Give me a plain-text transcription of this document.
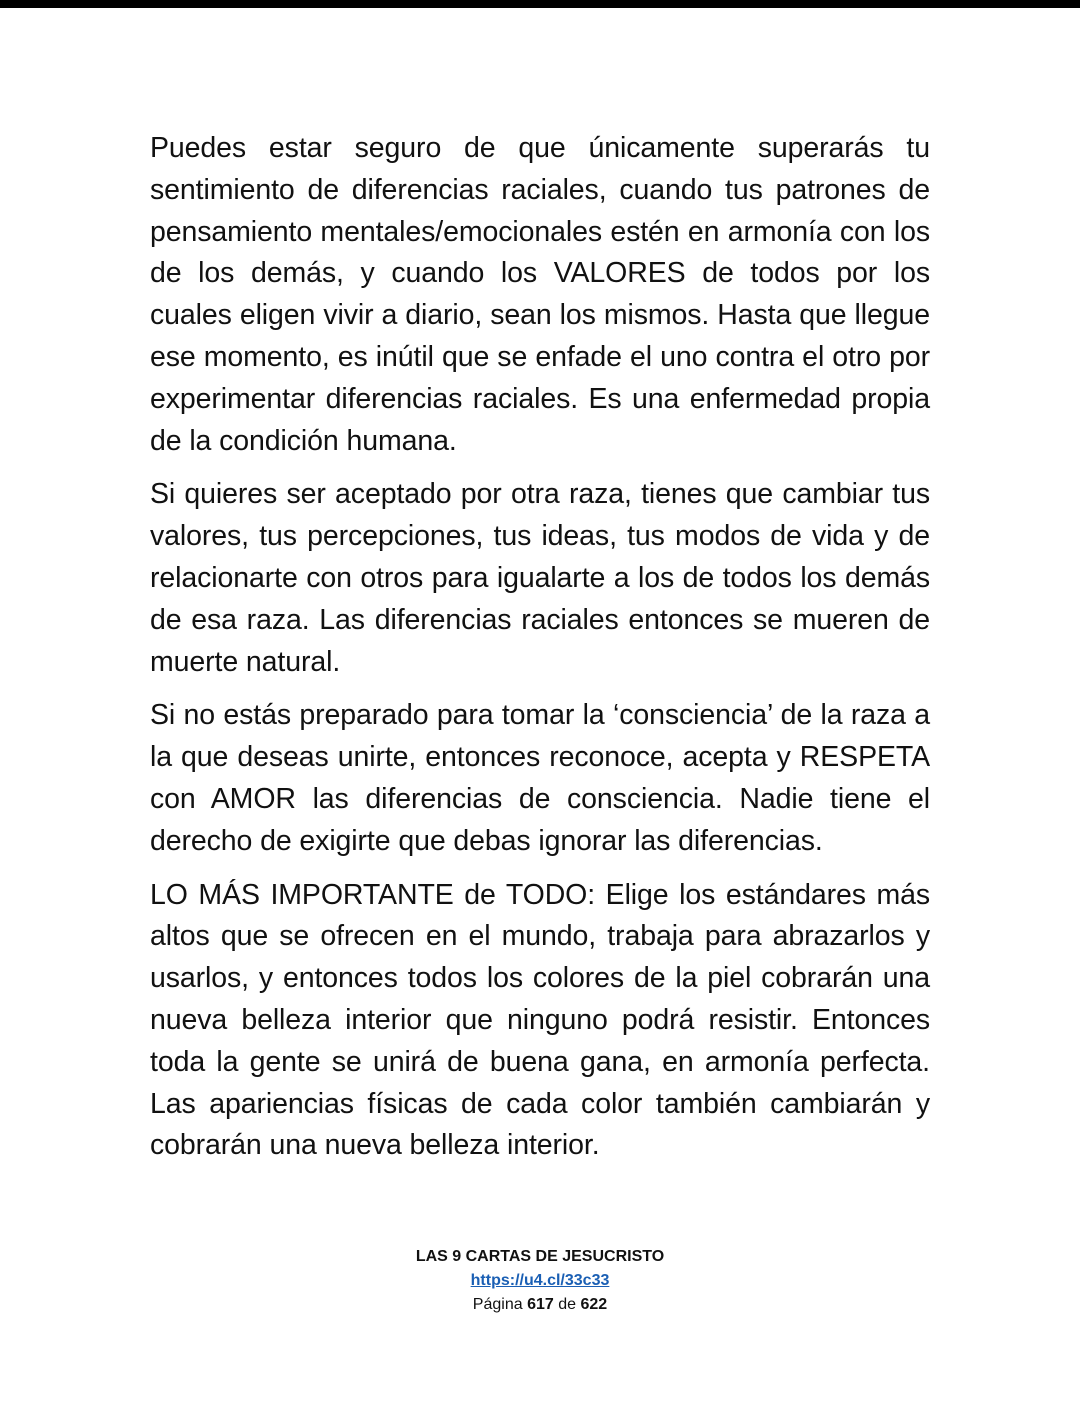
Puedes estar seguro de que únicamente superarás tu sentimiento de diferencias raciales, cuando tus patrones de pensamiento mentales/emocionales estén en armonía con los de los demás, y cuando los VALORES de todos por los cuales eligen vivir a diario, sean los mismos. Hasta que llegue ese momento, es inútil que se enfade el uno contra el otro por experimentar diferencias raciales. Es una enfermedad propia de la condición humana.

Si quieres ser aceptado por otra raza, tienes que cambiar tus valores, tus percepciones, tus ideas, tus modos de vida y de relacionarte con otros para igualarte a los de todos los demás de esa raza. Las diferencias raciales entonces se mueren de muerte natural.

Si no estás preparado para tomar la ‘consciencia’ de la raza a la que deseas unirte, entonces reconoce, acepta y RESPETA con AMOR las diferencias de consciencia. Nadie tiene el derecho de exigirte que debas ignorar las diferencias.

LO MÁS IMPORTANTE de TODO: Elige los estándares más altos que se ofrecen en el mundo, trabaja para abrazarlos y usarlos, y entonces todos los colores de la piel cobrarán una nueva belleza interior que ninguno podrá resistir. Entonces toda la gente se unirá de buena gana, en armonía perfecta. Las apariencias físicas de cada color también cambiarán y cobrarán una nueva belleza interior.

LAS 9 CARTAS DE JESUCRISTO
https://u4.cl/33c33
Página 617 de 622
